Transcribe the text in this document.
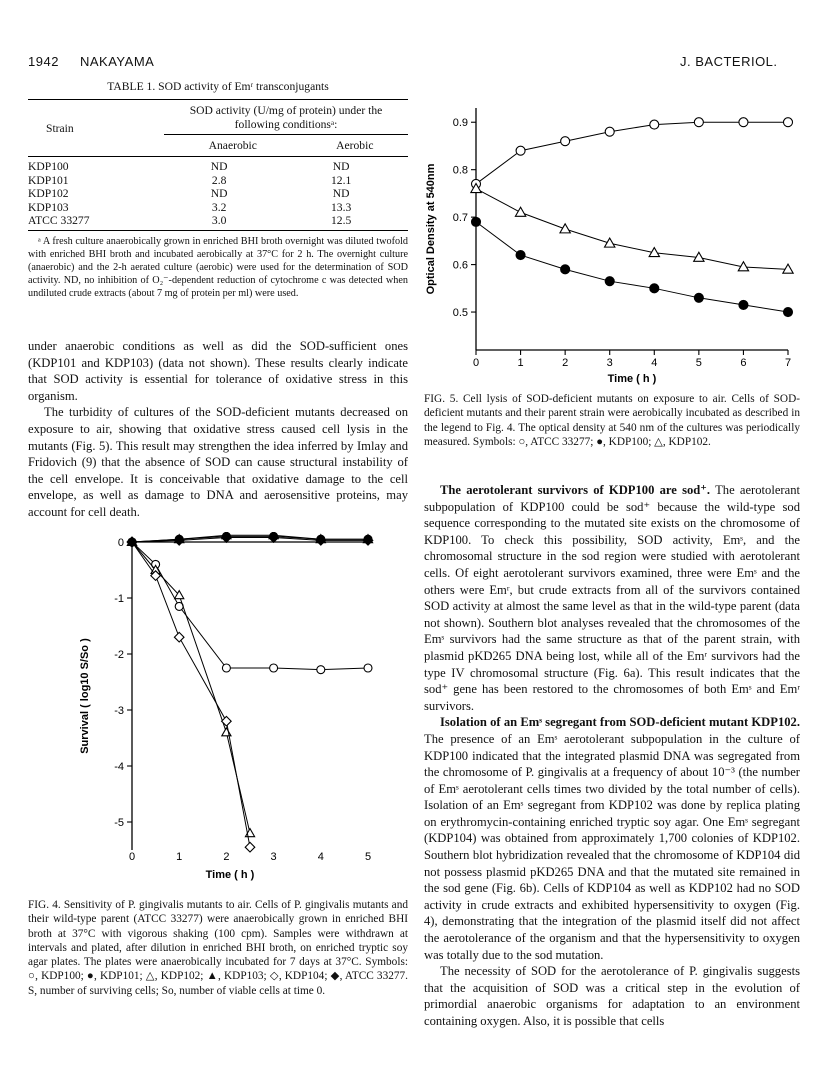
1942 NAKAYAMA	J. BACTERIOL.
TABLE 1. SOD activity of Emʳ transconjugants
Strain	SOD activity (U/mg of protein) under the following conditionsᵃ:	
	Anaerobic	Aerobic
KDP100	ND	ND
KDP101	2.8	12.1
KDP102	ND	ND
KDP103	3.2	13.3
ATCC 33277	3.0	12.5
ᵃ A fresh culture anaerobically grown in enriched BHI broth overnight was diluted twofold with enriched BHI broth and incubated aerobically at 37°C for 2 h. The overnight culture (anaerobic) and the 2-h aerated culture (aerobic) were used for the determination of SOD activity. ND, no inhibition of O₂⁻-dependent reduction of cytochrome c was detected when undiluted crude extracts (about 7 mg of protein per ml) were used.
under anaerobic conditions as well as did the SOD-sufficient ones (KDP101 and KDP103) (data not shown). These results clearly indicate that SOD activity is essential for tolerance of oxidative stress in this organism.
The turbidity of cultures of the SOD-deficient mutants decreased on exposure to air, showing that oxidative stress caused cell lysis in the mutants (Fig. 5). This result may strengthen the idea inferred by Imlay and Fridovich (9) that the absence of SOD can cause structural instability of the cell envelope. It is conceivable that oxidative damage to the cell envelope, as well as damage to DNA and aerosensitive proteins, may account for cell death.
0	1	2	3	4	5
0
-1
-2
-3
-4
-5
Time ( h )
Survival ( log10 S/So )
FIG. 4. Sensitivity of P. gingivalis mutants to air. Cells of P. gingivalis mutants and their wild-type parent (ATCC 33277) were anaerobically grown in enriched BHI broth at 37°C with vigorous shaking (100 cpm). Samples were withdrawn at intervals and plated, after dilution in enriched BHI broth, on enriched tryptic soy agar plates. The plates were anaerobically incubated for 7 days at 37°C. Symbols: ○, KDP100; ●, KDP101; △, KDP102; ▲, KDP103; ◇, KDP104; ◆, ATCC 33277. S, number of surviving cells; So, number of viable cells at time 0.
0	1	2	3	4	5	6	7
0.5
0.6
0.7
0.8
0.9
Time ( h )
Optical Density at 540nm
FIG. 5. Cell lysis of SOD-deficient mutants on exposure to air. Cells of SOD-deficient mutants and their parent strain were aerobically incubated as described in the legend to Fig. 4. The optical density at 540 nm of the cultures was periodically measured. Symbols: ○, ATCC 33277; ●, KDP100; △, KDP102.
The aerotolerant survivors of KDP100 are sod⁺. The aerotolerant subpopulation of KDP100 could be sod⁺ because the wild-type sod sequence corresponding to the mutated site exists on the chromosome of KDP100. To check this possibility, SOD activity, Emˢ, and the chromosomal structure in the sod region were studied with aerotolerant cells. Of eight aerotolerant survivors examined, three were Emˢ and the others were Emʳ, but crude extracts from all of the survivors contained SOD activity at almost the same level as that in the wild-type parent (data not shown). Southern blot analyses revealed that the chromosomes of the Emˢ survivors had the same structure as that of the parent strain, with plasmid pKD265 DNA being lost, while all of the Emʳ survivors had the type IV chromosomal structure (Fig. 6a). This result indicates that the sod⁺ gene has been restored to the chromosomes of both Emˢ and Emʳ survivors.
Isolation of an Emˢ segregant from SOD-deficient mutant KDP102. The presence of an Emˢ aerotolerant subpopulation in the culture of KDP100 indicated that the integrated plasmid DNA was segregated from the chromosome of P. gingivalis at a frequency of about 10⁻³ (the number of Emˢ aerotolerant cells times two divided by the total number of cells). Isolation of an Emˢ segregant from KDP102 was done by replica plating on erythromycin-containing enriched tryptic soy agar. One Emˢ segregant (KDP104) was obtained from approximately 1,700 colonies of KDP102. Southern blot hybridization revealed that the chromosome of KDP104 did not possess plasmid pKD265 DNA and that the mutated site remained in the sod gene (Fig. 6b). Cells of KDP104 as well as KDP102 had no SOD activity in crude extracts and exhibited hypersensitivity to oxygen (Fig. 4), demonstrating that the integration of the plasmid itself did not affect the aerotolerance of the organism and that the hypersensitivity to oxygen was totally due to the sod mutation.
The necessity of SOD for the aerotolerance of P. gingivalis suggests that the acquisition of SOD was a critical step in the evolution of primordial anaerobic organisms for adaptation to an environment containing oxygen. Also, it is possible that cells
